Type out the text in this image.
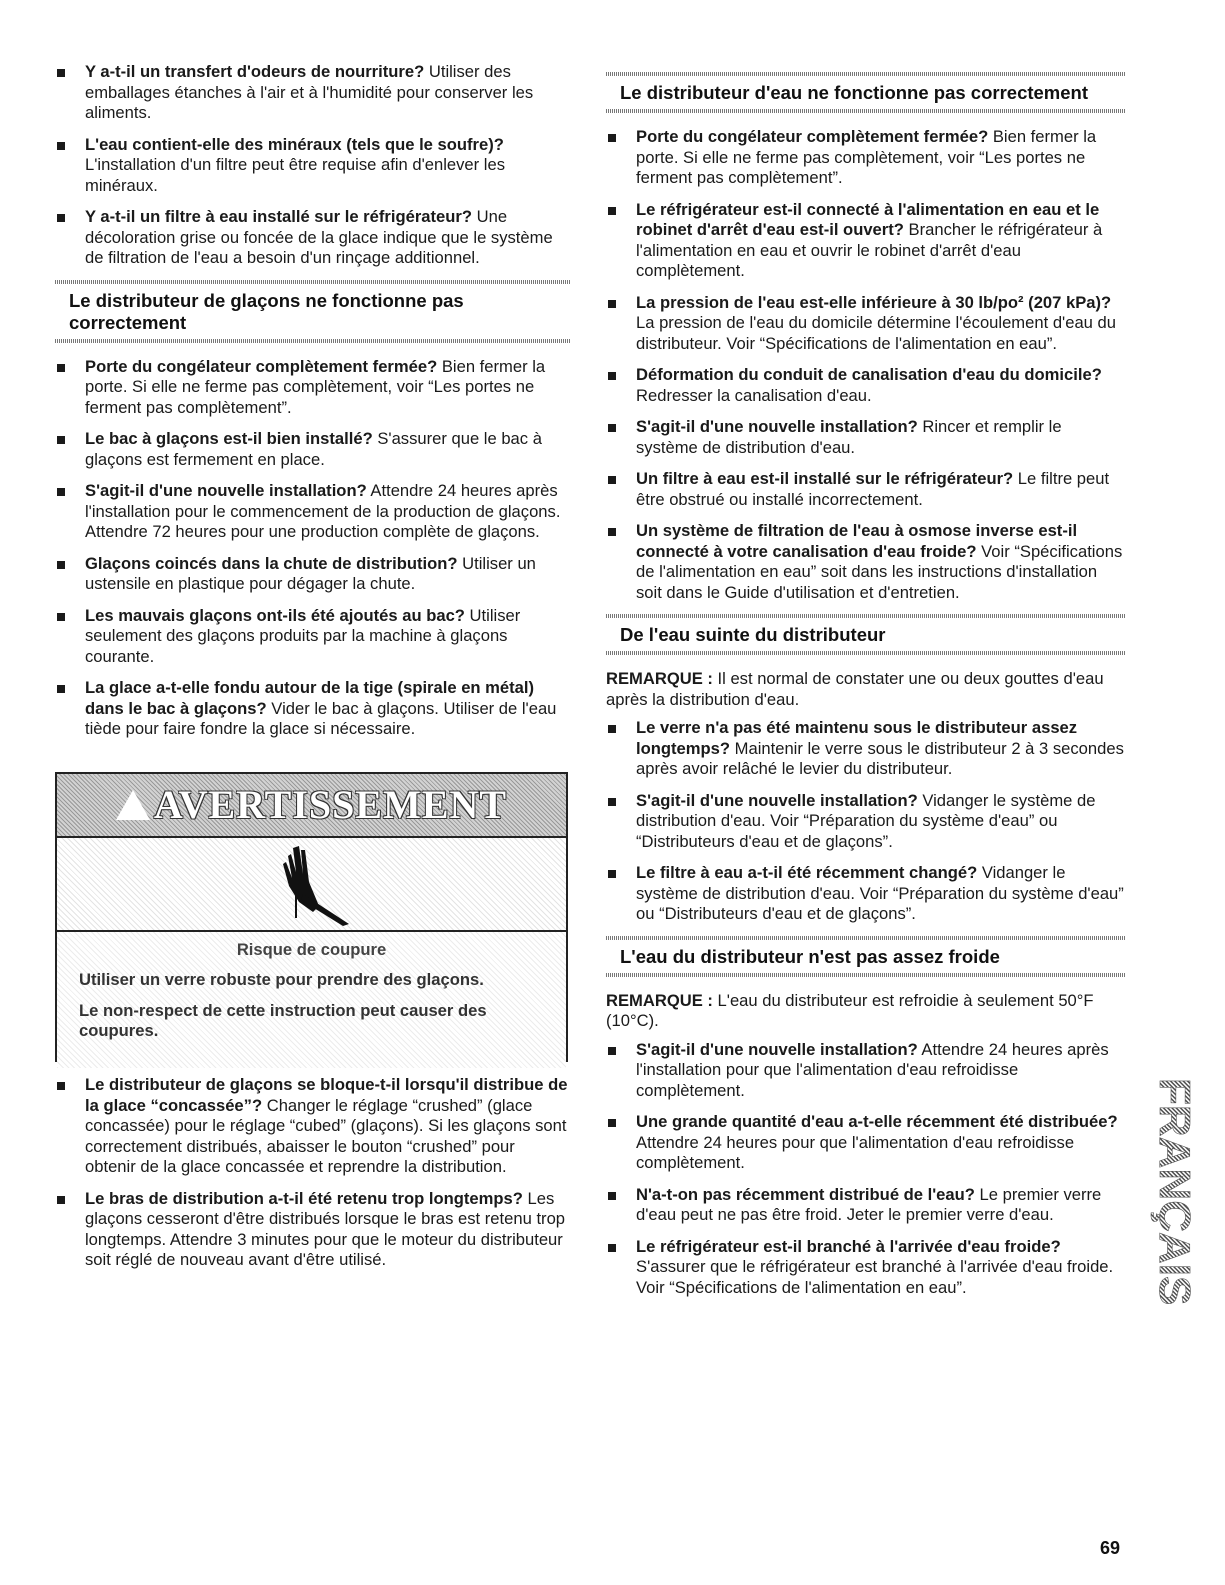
Y a-t-il un transfert d'odeurs de nourriture? Utiliser des emballages étanches à l'air et à l'humidité pour conserver les aliments.
L'eau contient-elle des minéraux (tels que le soufre)? L'installation d'un filtre peut être requise afin d'enlever les minéraux.
Y a-t-il un filtre à eau installé sur le réfrigérateur? Une décoloration grise ou foncée de la glace indique que le système de filtration de l'eau a besoin d'un rinçage additionnel.
Le distributeur de glaçons ne fonctionne pas correctement
Porte du congélateur complètement fermée? Bien fermer la porte. Si elle ne ferme pas complètement, voir “Les portes ne ferment pas complètement”.
Le bac à glaçons est-il bien installé? S'assurer que le bac à glaçons est fermement en place.
S'agit-il d'une nouvelle installation? Attendre 24 heures après l'installation pour le commencement de la production de glaçons. Attendre 72 heures pour une production complète de glaçons.
Glaçons coincés dans la chute de distribution? Utiliser un ustensile en plastique pour dégager la chute.
Les mauvais glaçons ont-ils été ajoutés au bac? Utiliser seulement des glaçons produits par la machine à glaçons courante.
La glace a-t-elle fondu autour de la tige (spirale en métal) dans le bac à glaçons? Vider le bac à glaçons. Utiliser de l'eau tiède pour faire fondre la glace si nécessaire.
AVERTISSEMENT
Risque de coupure

Utiliser un verre robuste pour prendre des glaçons.

Le non-respect de cette instruction peut causer des coupures.

Le distributeur de glaçons se bloque-t-il lorsqu'il distribue de la glace “concassée”? Changer le réglage “crushed” (glace concassée) pour le réglage “cubed” (glaçons). Si les glaçons sont correctement distribués, abaisser le bouton “crushed” pour obtenir de la glace concassée et reprendre la distribution.
Le bras de distribution a-t-il été retenu trop longtemps? Les glaçons cesseront d'être distribués lorsque le bras est retenu trop longtemps. Attendre 3 minutes pour que le moteur du distributeur soit réglé de nouveau avant d'être utilisé.
Le distributeur d'eau ne fonctionne pas correctement
Porte du congélateur complètement fermée? Bien fermer la porte. Si elle ne ferme pas complètement, voir “Les portes ne ferment pas complètement”.
Le réfrigérateur est-il connecté à l'alimentation en eau et le robinet d'arrêt d'eau est-il ouvert? Brancher le réfrigérateur à l'alimentation en eau et ouvrir le robinet d'arrêt d'eau complètement.
La pression de l'eau est-elle inférieure à 30 lb/po² (207 kPa)? La pression de l'eau du domicile détermine l'écoulement d'eau du distributeur. Voir “Spécifications de l'alimentation en eau”.
Déformation du conduit de canalisation d'eau du domicile? Redresser la canalisation d'eau.
S'agit-il d'une nouvelle installation? Rincer et remplir le système de distribution d'eau.
Un filtre à eau est-il installé sur le réfrigérateur? Le filtre peut être obstrué ou installé incorrectement.
Un système de filtration de l'eau à osmose inverse est-il connecté à votre canalisation d'eau froide? Voir “Spécifications de l'alimentation en eau” soit dans les instructions d'installation soit dans le Guide d'utilisation et d'entretien.
De l'eau suinte du distributeur

REMARQUE : Il est normal de constater une ou deux gouttes d'eau après la distribution d'eau.

Le verre n'a pas été maintenu sous le distributeur assez longtemps? Maintenir le verre sous le distributeur 2 à 3 secondes après avoir relâché le levier du distributeur.
S'agit-il d'une nouvelle installation? Vidanger le système de distribution d'eau. Voir “Préparation du système d'eau” ou “Distributeurs d'eau et de glaçons”.
Le filtre à eau a-t-il été récemment changé? Vidanger le système de distribution d'eau. Voir “Préparation du système d'eau” ou “Distributeurs d'eau et de glaçons”.
L'eau du distributeur n'est pas assez froide

REMARQUE : L'eau du distributeur est refroidie à seulement 50°F (10°C).

S'agit-il d'une nouvelle installation? Attendre 24 heures après l'installation pour que l'alimentation d'eau refroidisse complètement.
Une grande quantité d'eau a-t-elle récemment été distribuée? Attendre 24 heures pour que l'alimentation d'eau refroidisse complètement.
N'a-t-on pas récemment distribué de l'eau? Le premier verre d'eau peut ne pas être froid. Jeter le premier verre d'eau.
Le réfrigérateur est-il branché à l'arrivée d'eau froide? S'assurer que le réfrigérateur est branché à l'arrivée d'eau froide. Voir “Spécifications de l'alimentation en eau”.	FRANÇAIS
69
